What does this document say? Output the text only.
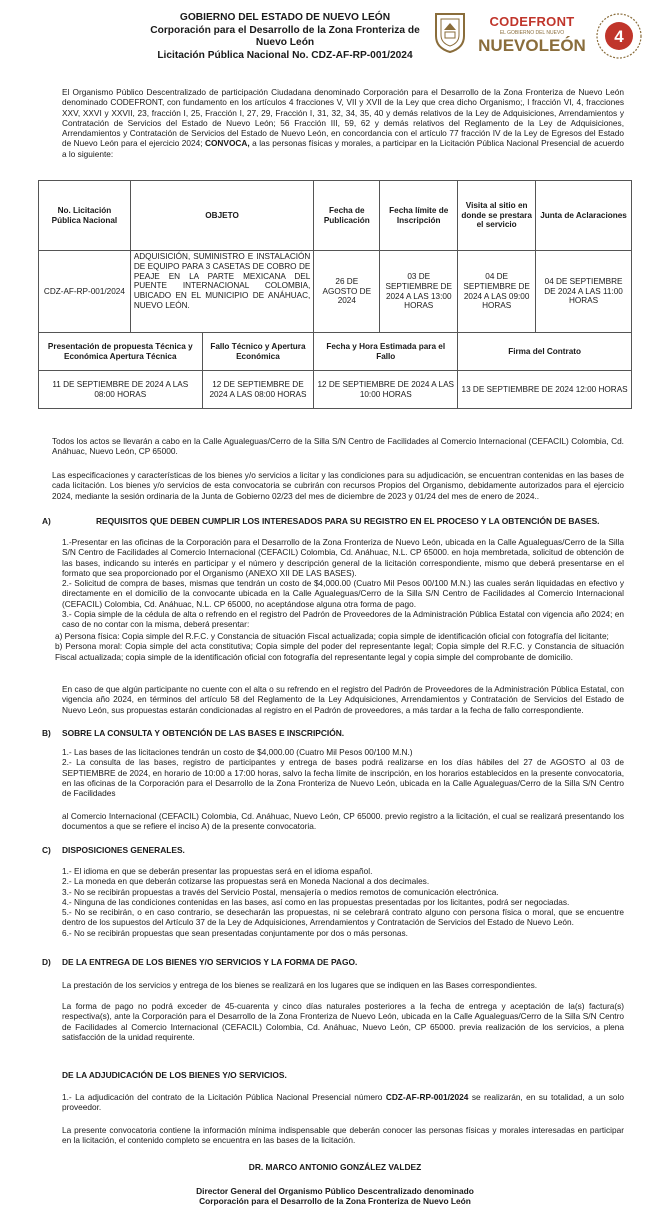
GOBIERNO DEL ESTADO DE NUEVO LEÓN
Corporación para el Desarrollo de la Zona Fronteriza de
Nuevo León
Licitación Pública Nacional No. CDZ-AF-RP-001/2024
CODEFRONT
EL GOBIERNO DEL NUEVO
NUEVOLEÓN	4
El Organismo Público Descentralizado de participación Ciudadana denominado Corporación para el Desarrollo de la Zona Fronteriza de Nuevo León denominado CODEFRONT, con fundamento en los artículos 4 fracciones V, VII y XVII de la Ley que crea dicho Organismo;, l fracción VI, 4, fracciones XXV, XXVI y XXVII, 23, fracción I, 25, Fracción I, 27, 29, Fracción I, 31, 32, 34, 35, 40 y demás relativos de la Ley de Adquisiciones, Arrendamientos y Contratación de Servicios del Estado de Nuevo León; 56 Fracción III, 59, 62 y demás relativos del Reglamento de la Ley de Adquisiciones, Arrendamientos y Contratación de Servicios del Estado de Nuevo León, en concordancia con el artículo 77 fracción IV de la Ley de Egresos del Estado de Nuevo León para el ejercicio 2024; CONVOCA, a las personas físicas y morales, a participar en la Licitación Pública Nacional Presencial de acuerdo a lo siguiente:
No. Licitación Pública Nacional	OBJETO		Fecha de Publicación	Fecha límite de Inscripción	Visita al sitio en donde se prestara el servicio	Junta de Aclaraciones
CDZ-AF-RP-001/2024	ADQUISICIÓN, SUMINISTRO E INSTALACIÓN DE EQUIPO PARA 3 CASETAS DE COBRO DE PEAJE EN LA PARTE MEXICANA DEL PUENTE INTERNACIONAL COLOMBIA, UBICADO EN EL MUNICIPIO DE ANÁHUAC, NUEVO LEÓN.		26 DE AGOSTO DE 2024	03 DE SEPTIEMBRE DE 2024 A LAS 13:00 HORAS	04 DE SEPTIEMBRE DE 2024 A LAS 09:00 HORAS	04 DE SEPTIEMBRE DE 2024 A LAS 11:00 HORAS
Presentación de propuesta Técnica y Económica Apertura Técnica		Fallo Técnico y Apertura Económica	Fecha y Hora Estimada para el Fallo		Firma del Contrato	
11 DE SEPTIEMBRE DE 2024 A LAS 08:00 HORAS		12 DE SEPTIEMBRE DE 2024 A LAS 08:00 HORAS	12 DE SEPTIEMBRE DE 2024 A LAS 10:00 HORAS		13 DE SEPTIEMBRE DE 2024 12:00 HORAS	
Todos los actos se llevarán a cabo en la Calle Agualeguas/Cerro de la Silla S/N Centro de Facilidades al Comercio Internacional (CEFACIL) Colombia, Cd. Anáhuac, Nuevo León, CP 65000.
Las especificaciones y características de los bienes y/o servicios a licitar y las condiciones para su adjudicación, se encuentran contenidas en las bases de cada licitación. Los bienes y/o servicios de esta convocatoria se cubrirán con recursos Propios del Organismo, debidamente autorizados para el ejercicio 2024, mediante la sesión ordinaria de la Junta de Gobierno 02/23 del mes de diciembre de 2023 y 01/24 del mes de enero de 2024..
A)	REQUISITOS QUE DEBEN CUMPLIR LOS INTERESADOS PARA SU REGISTRO EN EL PROCESO Y LA OBTENCIÓN DE BASES.

1.-Presentar en las oficinas de la Corporación para el Desarrollo de la Zona Fronteriza de Nuevo León, ubicada en la Calle Agualeguas/Cerro de la Silla S/N Centro de Facilidades al Comercio Internacional (CEFACIL) Colombia, Cd. Anáhuac, N.L. CP 65000. en hoja membretada, solicitud de obtención de las bases, indicando su interés en participar y el número y descripción general de la licitación correspondiente, mismo que deberá presentarse en el formato que sea proporcionado por el Organismo (ANEXO XII DE LAS BASES).

2.- Solicitud de compra de bases, mismas que tendrán un costo de $4,000.00 (Cuatro Mil Pesos 00/100 M.N.) las cuales serán liquidadas en efectivo y directamente en el domicilio de la convocante ubicada en la Calle Agualeguas/Cerro de la Silla S/N Centro de Facilidades al Comercio Internacional (CEFACIL) Colombia, Cd. Anáhuac, N.L. CP 65000, no aceptándose alguna otra forma de pago.

3.- Copia simple de la cédula de alta o refrendo en el registro del Padrón de Proveedores de la Administración Pública Estatal con vigencia año 2024; en caso de no contar con la misma, deberá presentar:

a) Persona física: Copia simple del R.F.C. y Constancia de situación Fiscal actualizada; copia simple de identificación oficial con fotografía del licitante;

b) Persona moral: Copia simple del acta constitutiva; Copia simple del poder del representante legal; Copia simple del R.F.C. y Constancia de situación Fiscal actualizada; copia simple de la identificación oficial con fotografía del representante legal y copia simple del comprobante de domicilio.

En caso de que algún participante no cuente con el alta o su refrendo en el registro del Padrón de Proveedores de la Administración Pública Estatal, con vigencia año 2024, en términos del artículo 58 del Reglamento de la Ley Adquisiciones, Arrendamientos y Contratación de Servicios del Estado de Nuevo León, sus propuestas estarán condicionadas al registro en el Padrón de proveedores, a más tardar a la fecha de fallo correspondiente.
B) SOBRE LA CONSULTA Y OBTENCIÓN DE LAS BASES E INSCRIPCIÓN.

1.- Las bases de las licitaciones tendrán un costo de $4,000.00 (Cuatro Mil Pesos 00/100 M.N.)

2.- La consulta de las bases, registro de participantes y entrega de bases podrá realizarse en los días hábiles del 27 de AGOSTO al 03 de SEPTIEMBRE de 2024, en horario de 10:00 a 17:00 horas, salvo la fecha límite de inscripción, en los horarios establecidos en la presente convocatoria, en las oficinas de la Corporación para el Desarrollo de la Zona Fronteriza de Nuevo León, ubicada en la Calle Agualeguas/Cerro de la Silla S/N Centro de Facilidades

al Comercio Internacional (CEFACIL) Colombia, Cd. Anáhuac, Nuevo León, CP 65000. previo registro a la licitación, el cual se realizará presentando los documentos a que se refiere el inciso A) de la presente convocatoria.
C) DISPOSICIONES GENERALES.

1.- El idioma en que se deberán presentar las propuestas será en el idioma español.

2.- La moneda en que deberán cotizarse las propuestas será en Moneda Nacional a dos decimales.

3.- No se recibirán propuestas a través del Servicio Postal, mensajería o medios remotos de comunicación electrónica.

4.- Ninguna de las condiciones contenidas en las bases, así como en las propuestas presentadas por los licitantes, podrá ser negociadas.

5.- No se recibirán, o en caso contrario, se desecharán las propuestas, ni se celebrará contrato alguno con persona física o moral, que se encuentre dentro de los supuestos del Artículo 37 de la Ley de Adquisiciones, Arrendamientos y Contratación de Servicios del Estado de Nuevo León.

6.- No se recibirán propuestas que sean presentadas conjuntamente por dos o más personas.

D) DE LA ENTREGA DE LOS BIENES Y/O SERVICIOS Y LA FORMA DE PAGO.
La prestación de los servicios y entrega de los bienes se realizará en los lugares que se indiquen en las Bases correspondientes.
La forma de pago no podrá exceder de 45-cuarenta y cinco días naturales posteriores a la fecha de entrega y aceptación de la(s) factura(s) respectiva(s), ante la Corporación para el Desarrollo de la Zona Fronteriza de Nuevo León, ubicada en la Calle Agualeguas/Cerro de la Silla S/N Centro de Facilidades al Comercio Internacional (CEFACIL) Colombia, Cd. Anáhuac, Nuevo León, CP 65000. previa realización de los servicios, a plena satisfacción de la unidad requirente.
DE LA ADJUDICACIÓN DE LOS BIENES Y/O SERVICIOS.
1.- La adjudicación del contrato de la Licitación Pública Nacional Presencial número CDZ-AF-RP-001/2024 se realizarán, en su totalidad, a un solo proveedor.
La presente convocatoria contiene la información mínima indispensable que deberán conocer las personas físicas y morales interesadas en participar en la licitación, el contenido completo se encuentra en las bases de la licitación.
DR. MARCO ANTONIO GONZÁLEZ VALDEZ
Director General del Organismo Público Descentralizado denominado
Corporación para el Desarrollo de la Zona Fronteriza de Nuevo León
